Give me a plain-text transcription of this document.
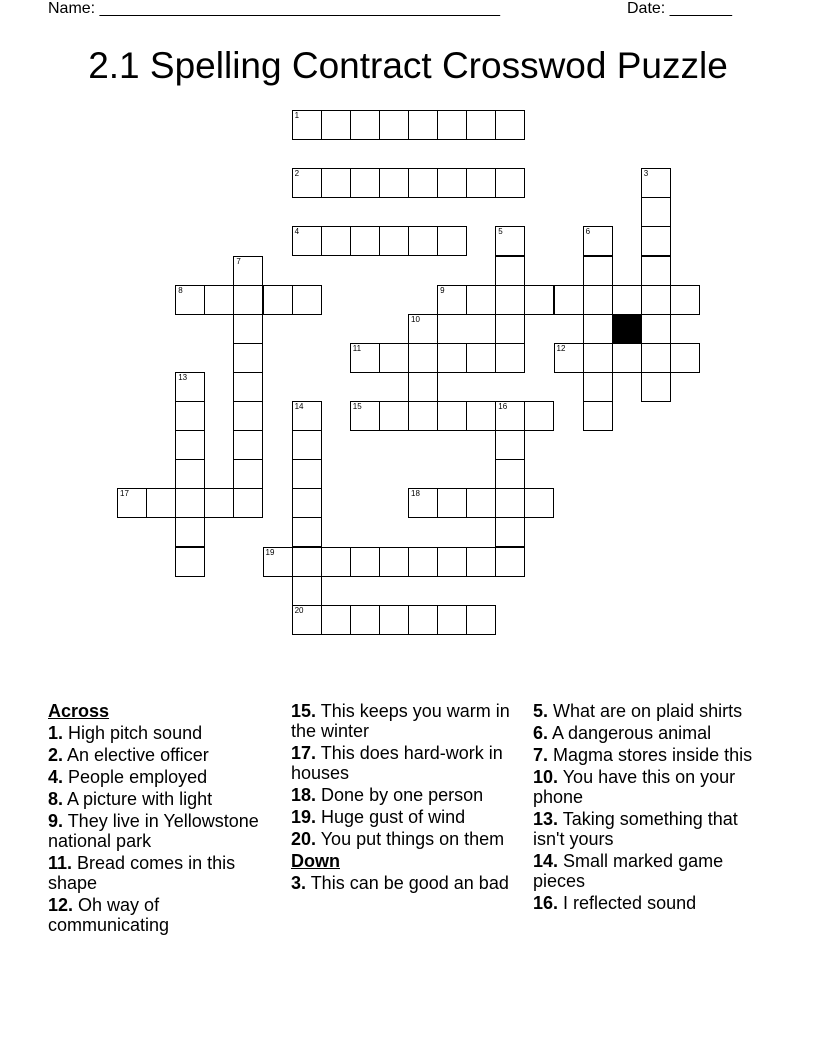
Name: _____________________________________________	Date: _______
2.1 Spelling Contract Crosswod Puzzle
1
2	3
4	5	6
7
8	9
10
11	12
13
14	15	16
17	18
19
20
Across
1. High pitch sound
2. An elective officer
4. People employed
8. A picture with light
9. They live in Yellowstone national park
11. Bread comes in this shape
12. Oh way of communicating
15. This keeps you warm in the winter
17. This does hard-work in houses
18. Done by one person
19. Huge gust of wind
20. You put things on them
Down
3. This can be good an bad
5. What are on plaid shirts
6. A dangerous animal
7. Magma stores inside this
10. You have this on your phone
13. Taking something that isn't yours
14. Small marked game pieces
16. I reflected sound
